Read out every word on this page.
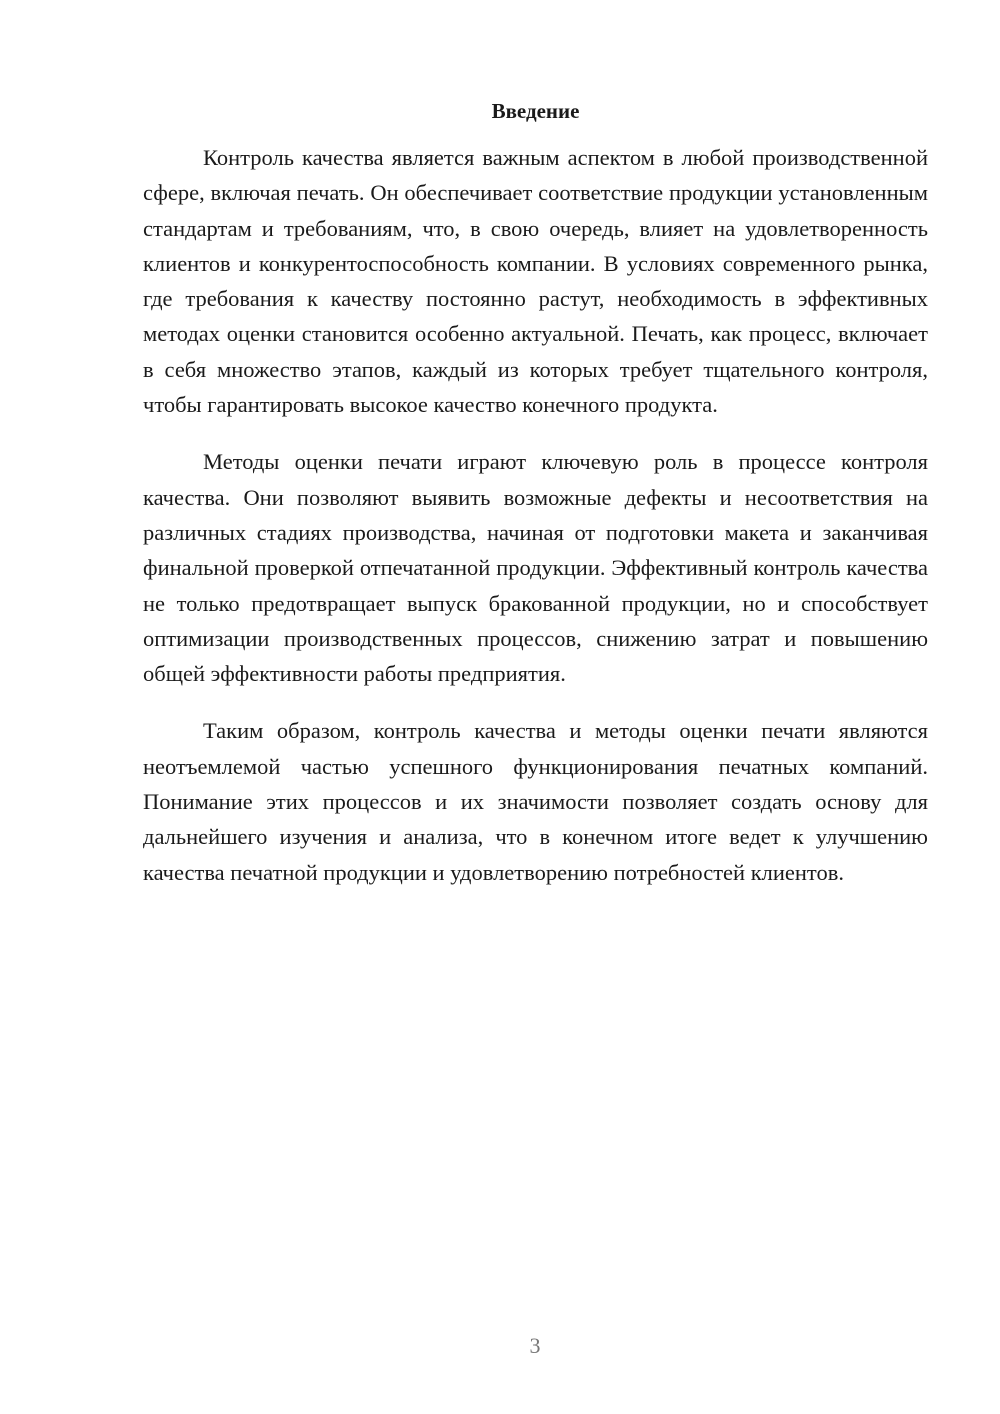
Введение

Контроль качества является важным аспектом в любой производственной сфере, включая печать. Он обеспечивает соответствие продукции установленным стандартам и требованиям, что, в свою очередь, влияет на удовлетворенность клиентов и конкурентоспособность компании. В условиях современного рынка, где требования к качеству постоянно растут, необходимость в эффективных методах оценки становится особенно актуальной. Печать, как процесс, включает в себя множество этапов, каждый из которых требует тщательного контроля, чтобы гарантировать высокое качество конечного продукта.

Методы оценки печати играют ключевую роль в процессе контроля качества. Они позволяют выявить возможные дефекты и несоответствия на различных стадиях производства, начиная от подготовки макета и заканчивая финальной проверкой отпечатанной продукции. Эффективный контроль качества не только предотвращает выпуск бракованной продукции, но и способствует оптимизации производственных процессов, снижению затрат и повышению общей эффективности работы предприятия.

Таким образом, контроль качества и методы оценки печати являются неотъемлемой частью успешного функционирования печатных компаний. Понимание этих процессов и их значимости позволяет создать основу для дальнейшего изучения и анализа, что в конечном итоге ведет к улучшению качества печатной продукции и удовлетворению потребностей клиентов.

3
